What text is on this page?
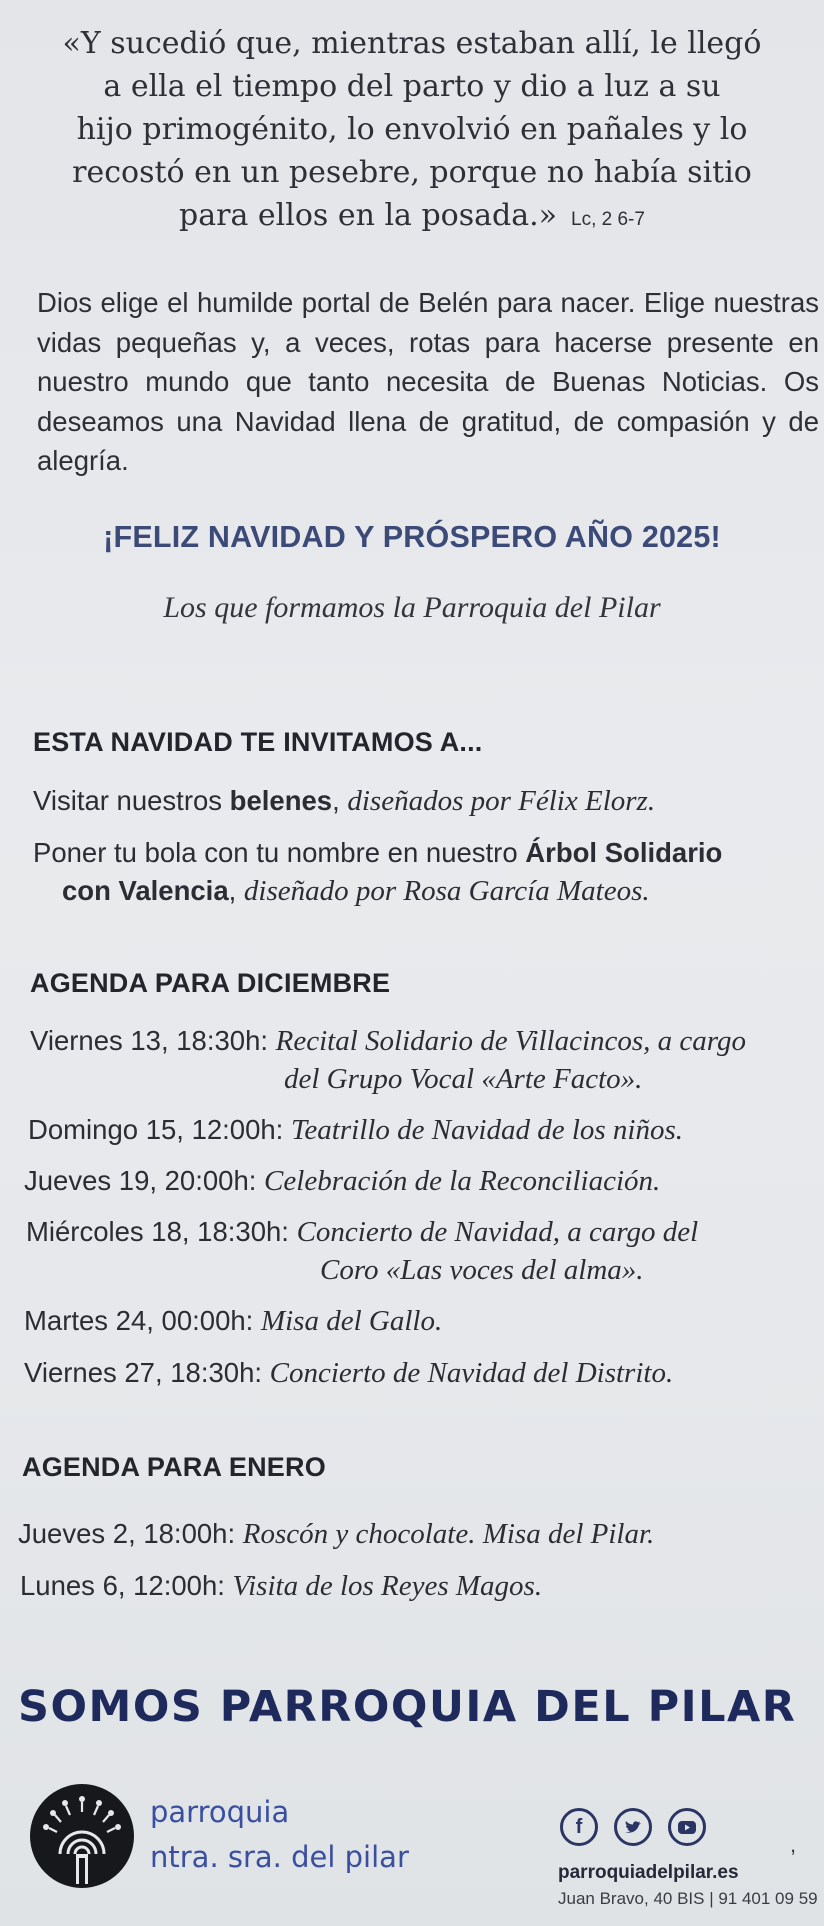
«Y sucedió que, mientras estaban allí, le llegó
a ella el tiempo del parto y dio a luz a su
hijo primogénito, lo envolvió en pañales y lo
recostó en un pesebre, porque no había sitio
para ellos en la posada.» Lc, 2 6-7
Dios elige el humilde portal de Belén para nacer. Elige nuestras vidas pequeñas y, a veces, rotas para hacerse presente en nuestro mundo que tanto necesita de Buenas Noticias. Os deseamos una Navidad llena de gratitud, de compasión y de alegría.
¡FELIZ NAVIDAD Y PRÓSPERO AÑO 2025!
Los que formamos la Parroquia del Pilar
ESTA NAVIDAD TE INVITAMOS A...
Visitar nuestros belenes, diseñados por Félix Elorz.
Poner tu bola con tu nombre en nuestro Árbol Solidario
con Valencia, diseñado por Rosa García Mateos.
AGENDA PARA DICIEMBRE
Viernes 13, 18:30h: Recital Solidario de Villacincos, a cargo
del Grupo Vocal «Arte Facto».
Domingo 15, 12:00h: Teatrillo de Navidad de los niños.
Jueves 19, 20:00h: Celebración de la Reconciliación.
Miércoles 18, 18:30h: Concierto de Navidad, a cargo del
Coro «Las voces del alma».
Martes 24, 00:00h: Misa del Gallo.
Viernes 27, 18:30h: Concierto de Navidad del Distrito.
AGENDA PARA ENERO
Jueves 2, 18:00h: Roscón y chocolate. Misa del Pilar.
Lunes 6, 12:00h: Visita de los Reyes Magos.
SOMOS PARROQUIA DEL PILAR
parroquia
ntra. sra. del pilar
f
parroquiadelpilar.es
Juan Bravo, 40 BIS | 91 401 09 59
,
